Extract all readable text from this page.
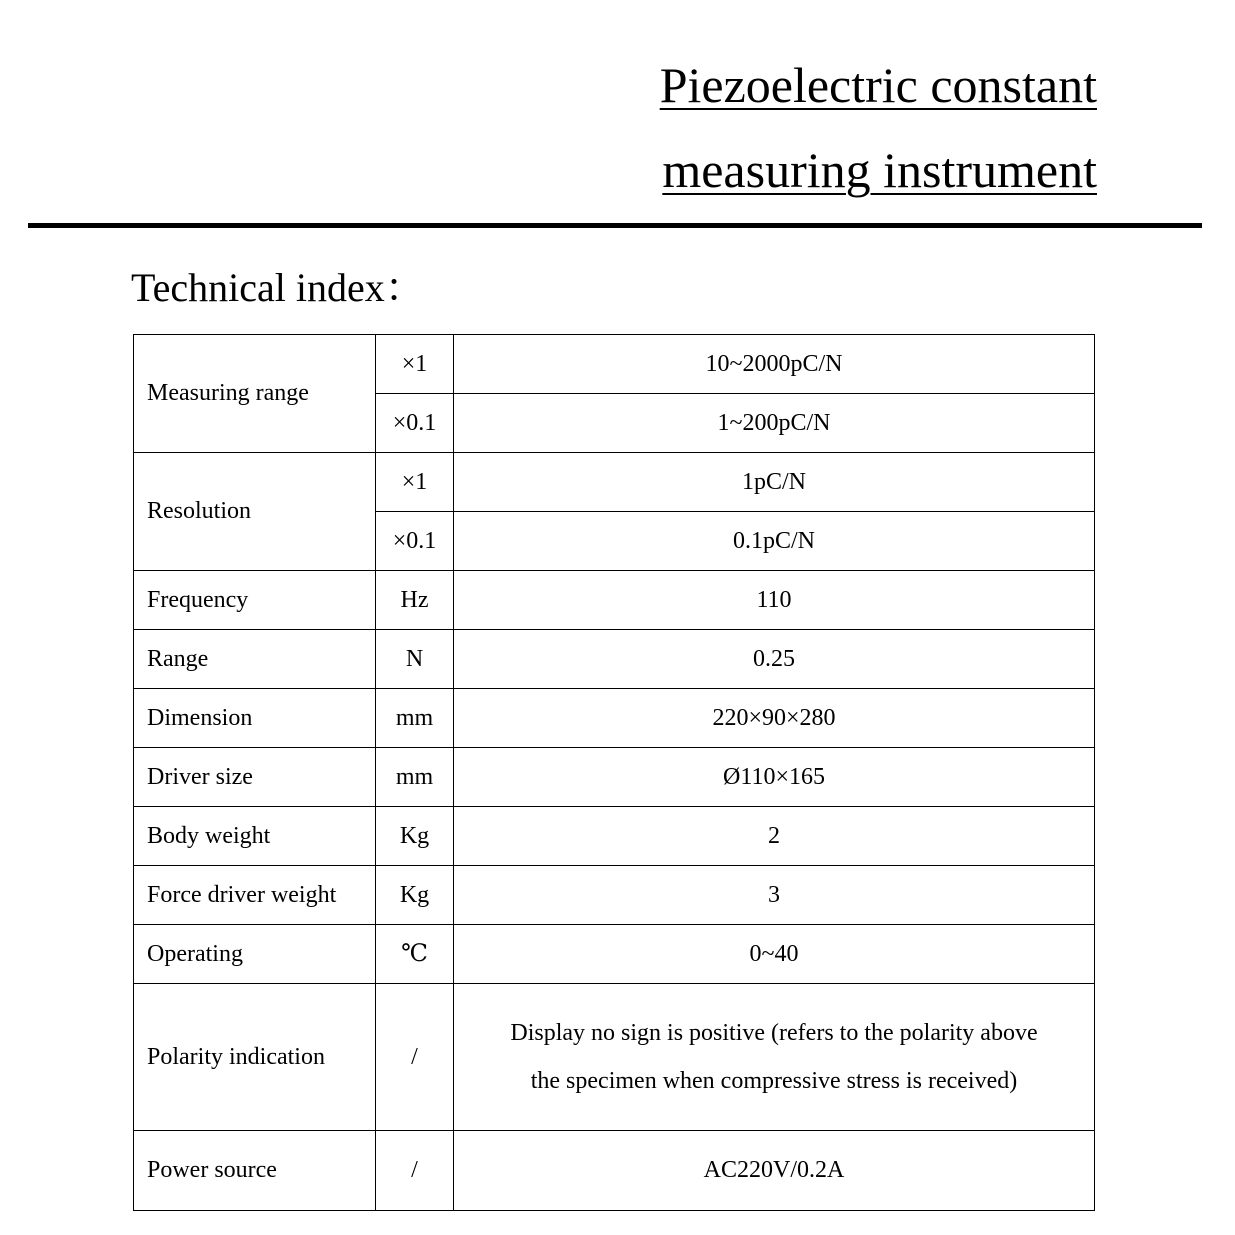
Piezoelectric constant
measuring instrument
Technical index：
Measuring range	×1	10~2000pC/N
	×0.1	1~200pC/N
Resolution	×1	1pC/N
	×0.1	0.1pC/N
Frequency	Hz	110
Range	N	0.25
Dimension	mm	220×90×280
Driver size	mm	Ø110×165
Body weight	Kg	2
Force driver weight	Kg	3
Operating	℃	0~40
Polarity indication	/	Display no sign is positive (refers to the polarity above
the specimen when compressive stress is received)

Power source	/	AC220V/0.2A
